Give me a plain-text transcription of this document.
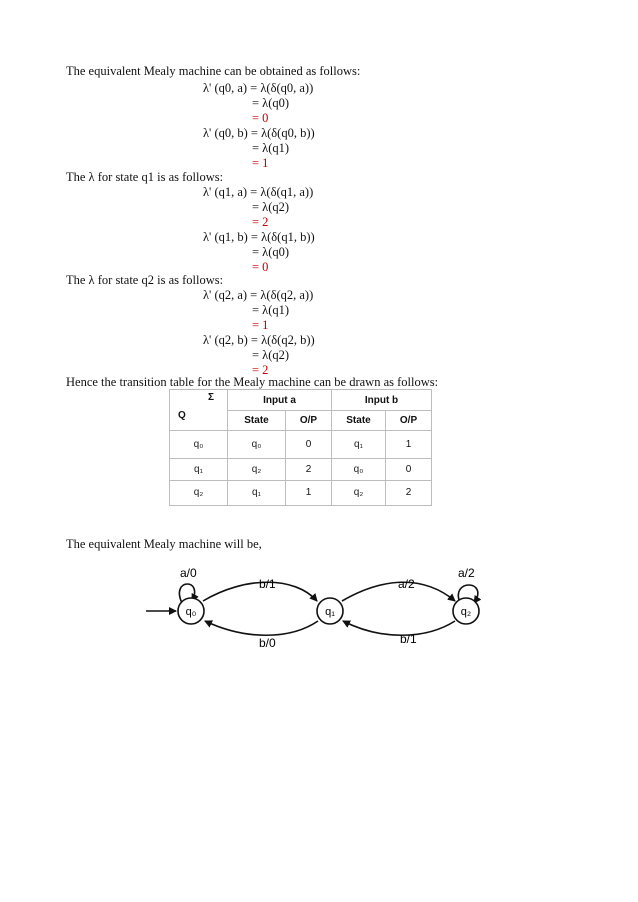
The equivalent Mealy machine can be obtained as follows:
λ' (q0, a) = λ(δ(q0, a))
= λ(q0)
= 0
λ' (q0, b) = λ(δ(q0, b))
= λ(q1)
= 1
The λ for state q1 is as follows:
λ' (q1, a) = λ(δ(q1, a))
= λ(q2)
= 2
λ' (q1, b) = λ(δ(q1, b))
= λ(q0)
= 0
The λ for state q2 is as follows:
λ' (q2, a) = λ(δ(q2, a))
= λ(q1)
= 1
λ' (q2, b) = λ(δ(q2, b))
= λ(q2)
= 2
Hence the transition table for the Mealy machine can be drawn as follows:
Σ
Q	Input a		Input b	
	State	O/P	State	O/P
q₀	q₀	0	q₁	1
q₁	q₂	2	q₀	0
q₂	q₁	1	q₂	2
The equivalent Mealy machine will be,
q₀	q₁	q₂
a/0
b/1
b/0
a/2
b/1
a/2
